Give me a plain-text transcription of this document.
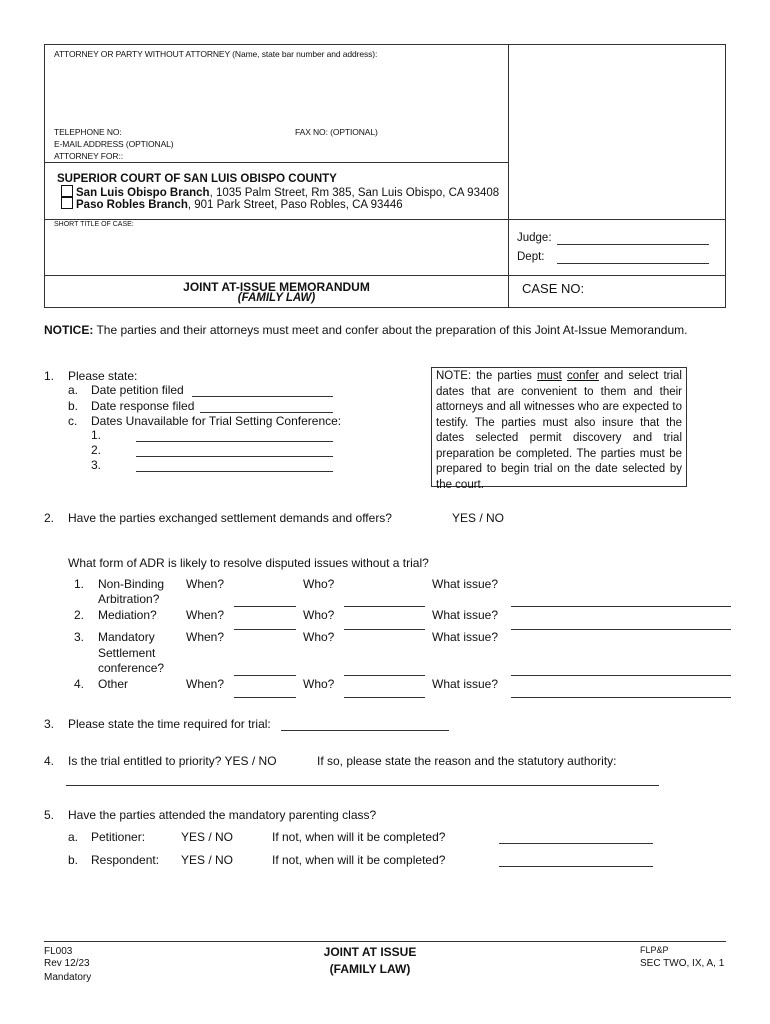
ATTORNEY OR PARTY WITHOUT ATTORNEY (Name, state bar number and address):
TELEPHONE NO:	FAX NO: (OPTIONAL)
E-MAIL ADDRESS (OPTIONAL)
ATTORNEY FOR::
SUPERIOR COURT OF SAN LUIS OBISPO COUNTY
San Luis Obispo Branch, 1035 Palm Street, Rm 385, San Luis Obispo, CA 93408
Paso Robles Branch, 901 Park Street, Paso Robles, CA 93446
SHORT TITLE OF CASE:
Judge:
Dept:
JOINT AT-ISSUE MEMORANDUM
(FAMILY LAW)
CASE NO:
NOTICE: The parties and their attorneys must meet and confer about the preparation of this Joint At-Issue Memorandum.
1. Please state:
a. Date petition filed
b. Date response filed
c. Dates Unavailable for Trial Setting Conference:
1.
2.
3.
NOTE: the parties must confer and select trial dates that are convenient to them and their attorneys and all witnesses who are expected to testify. The parties must also insure that the dates selected permit discovery and trial preparation be completed. The parties must be prepared to begin trial on the date selected by the court.
2. Have the parties exchanged settlement demands and offers?	YES / NO
What form of ADR is likely to resolve disputed issues without a trial?
1. Non-Binding Arbitration?
When?	Who?	What issue?
2. Mediation? When?	Who?	What issue?
3. Mandatory Settlement conference?
When?	Who?	What issue?
4. Other	When?	Who?	What issue?
3. Please state the time required for trial:
4. Is the trial entitled to priority? YES / NO	If so, please state the reason and the statutory authority:
5. Have the parties attended the mandatory parenting class?
a. Petitioner:	YES / NO	If not, when will it be completed?
b. Respondent: YES / NO	If not, when will it be completed?
FL003
Rev 12/23
Mandatory
JOINT AT ISSUE
(FAMILY LAW)
FLP&P
SEC TWO, IX, A, 1
